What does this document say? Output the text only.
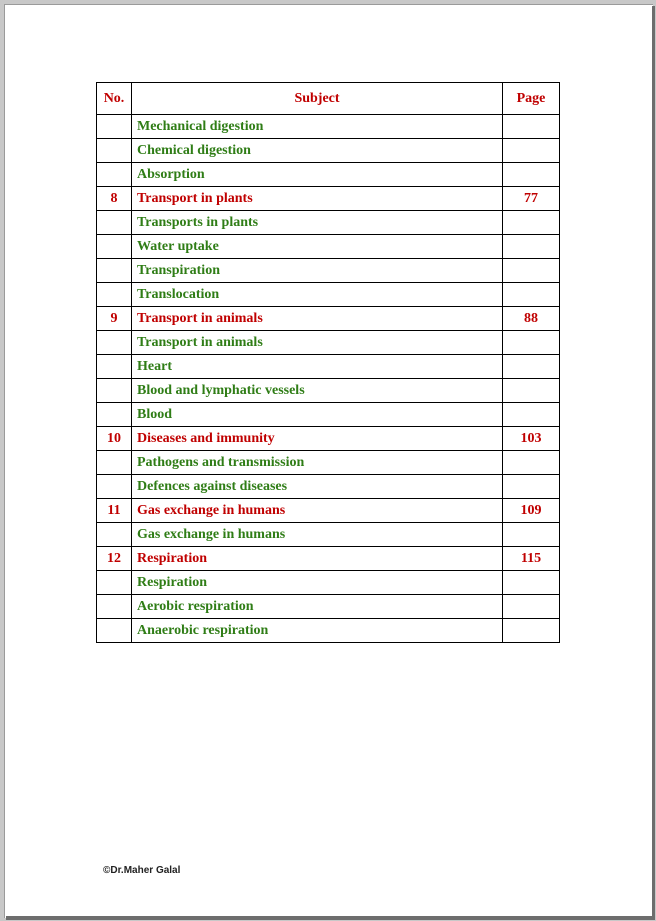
No.	Subject	Page
	Mechanical digestion	
	Chemical digestion	
	Absorption	
8	Transport in plants	77
	Transports in plants	
	Water uptake	
	Transpiration	
	Translocation	
9	Transport in animals	88
	Transport in animals	
	Heart	
	Blood and lymphatic vessels	
	Blood	
10	Diseases and immunity	103
	Pathogens and transmission	
	Defences against diseases	
11	Gas exchange in humans	109
	Gas exchange in humans	
12	Respiration	115
	Respiration	
	Aerobic respiration	
	Anaerobic respiration	
©Dr.Maher Galal
